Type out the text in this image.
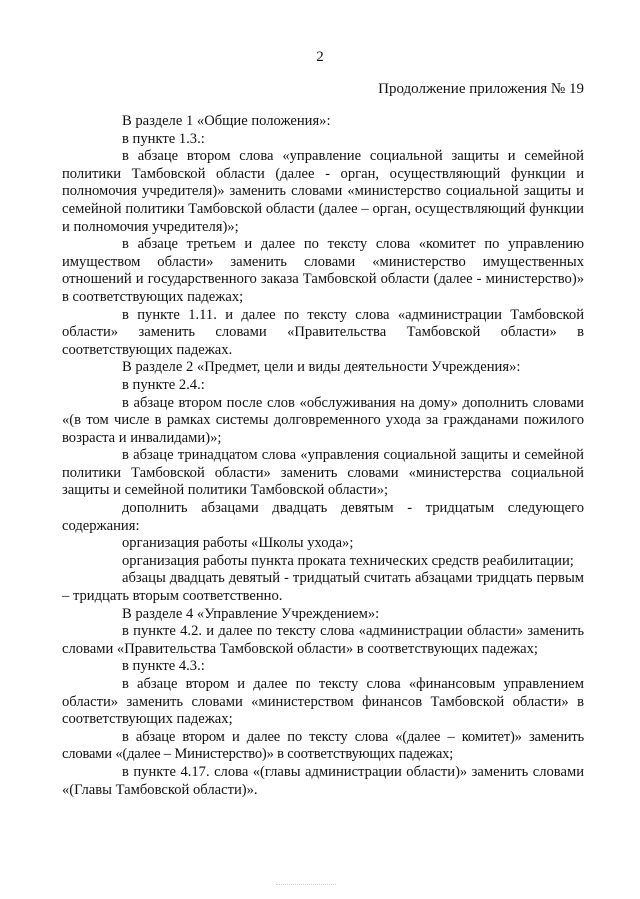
2
Продолжение приложения № 19

В разделе 1 «Общие положения»:

в пункте 1.3.:

в абзаце втором слова «управление социальной защиты и семейной политики Тамбовской области (далее - орган, осуществляющий функции и полномочия учредителя)» заменить словами «министерство социальной защиты и семейной политики Тамбовской области (далее – орган, осуществляющий функции и полномочия учредителя)»;

в абзаце третьем и далее по тексту слова «комитет по управлению имуществом области» заменить словами «министерство имущественных отношений и государственного заказа Тамбовской области (далее - министерство)» в соответствующих падежах;

в пункте 1.11. и далее по тексту слова «администрации Тамбовской области» заменить словами «Правительства Тамбовской области» в соответствующих падежах.

В разделе 2 «Предмет, цели и виды деятельности Учреждения»:

в пункте 2.4.:

в абзаце втором после слов «обслуживания на дому» дополнить словами «(в том числе в рамках системы долговременного ухода за гражданами пожилого возраста и инвалидами)»;

в абзаце тринадцатом слова «управления социальной защиты и семейной политики Тамбовской области» заменить словами «министерства социальной защиты и семейной политики Тамбовской области»;

дополнить абзацами двадцать девятым - тридцатым следующего содержания:

организация работы «Школы ухода»;

организация работы пункта проката технических средств реабилитации;

абзацы двадцать девятый - тридцатый считать абзацами тридцать первым – тридцать вторым соответственно.

В разделе 4 «Управление Учреждением»:

в пункте 4.2. и далее по тексту слова «администрации области» заменить словами «Правительства Тамбовской области» в соответствующих падежах;

в пункте 4.3.:

в абзаце втором и далее по тексту слова «финансовым управлением области» заменить словами «министерством финансов Тамбовской области» в соответствующих падежах;

в абзаце втором и далее по тексту слова «(далее – комитет)» заменить словами «(далее – Министерство)» в соответствующих падежах;

в пункте 4.17. слова «(главы администрации области)» заменить словами «(Главы Тамбовской области)».
